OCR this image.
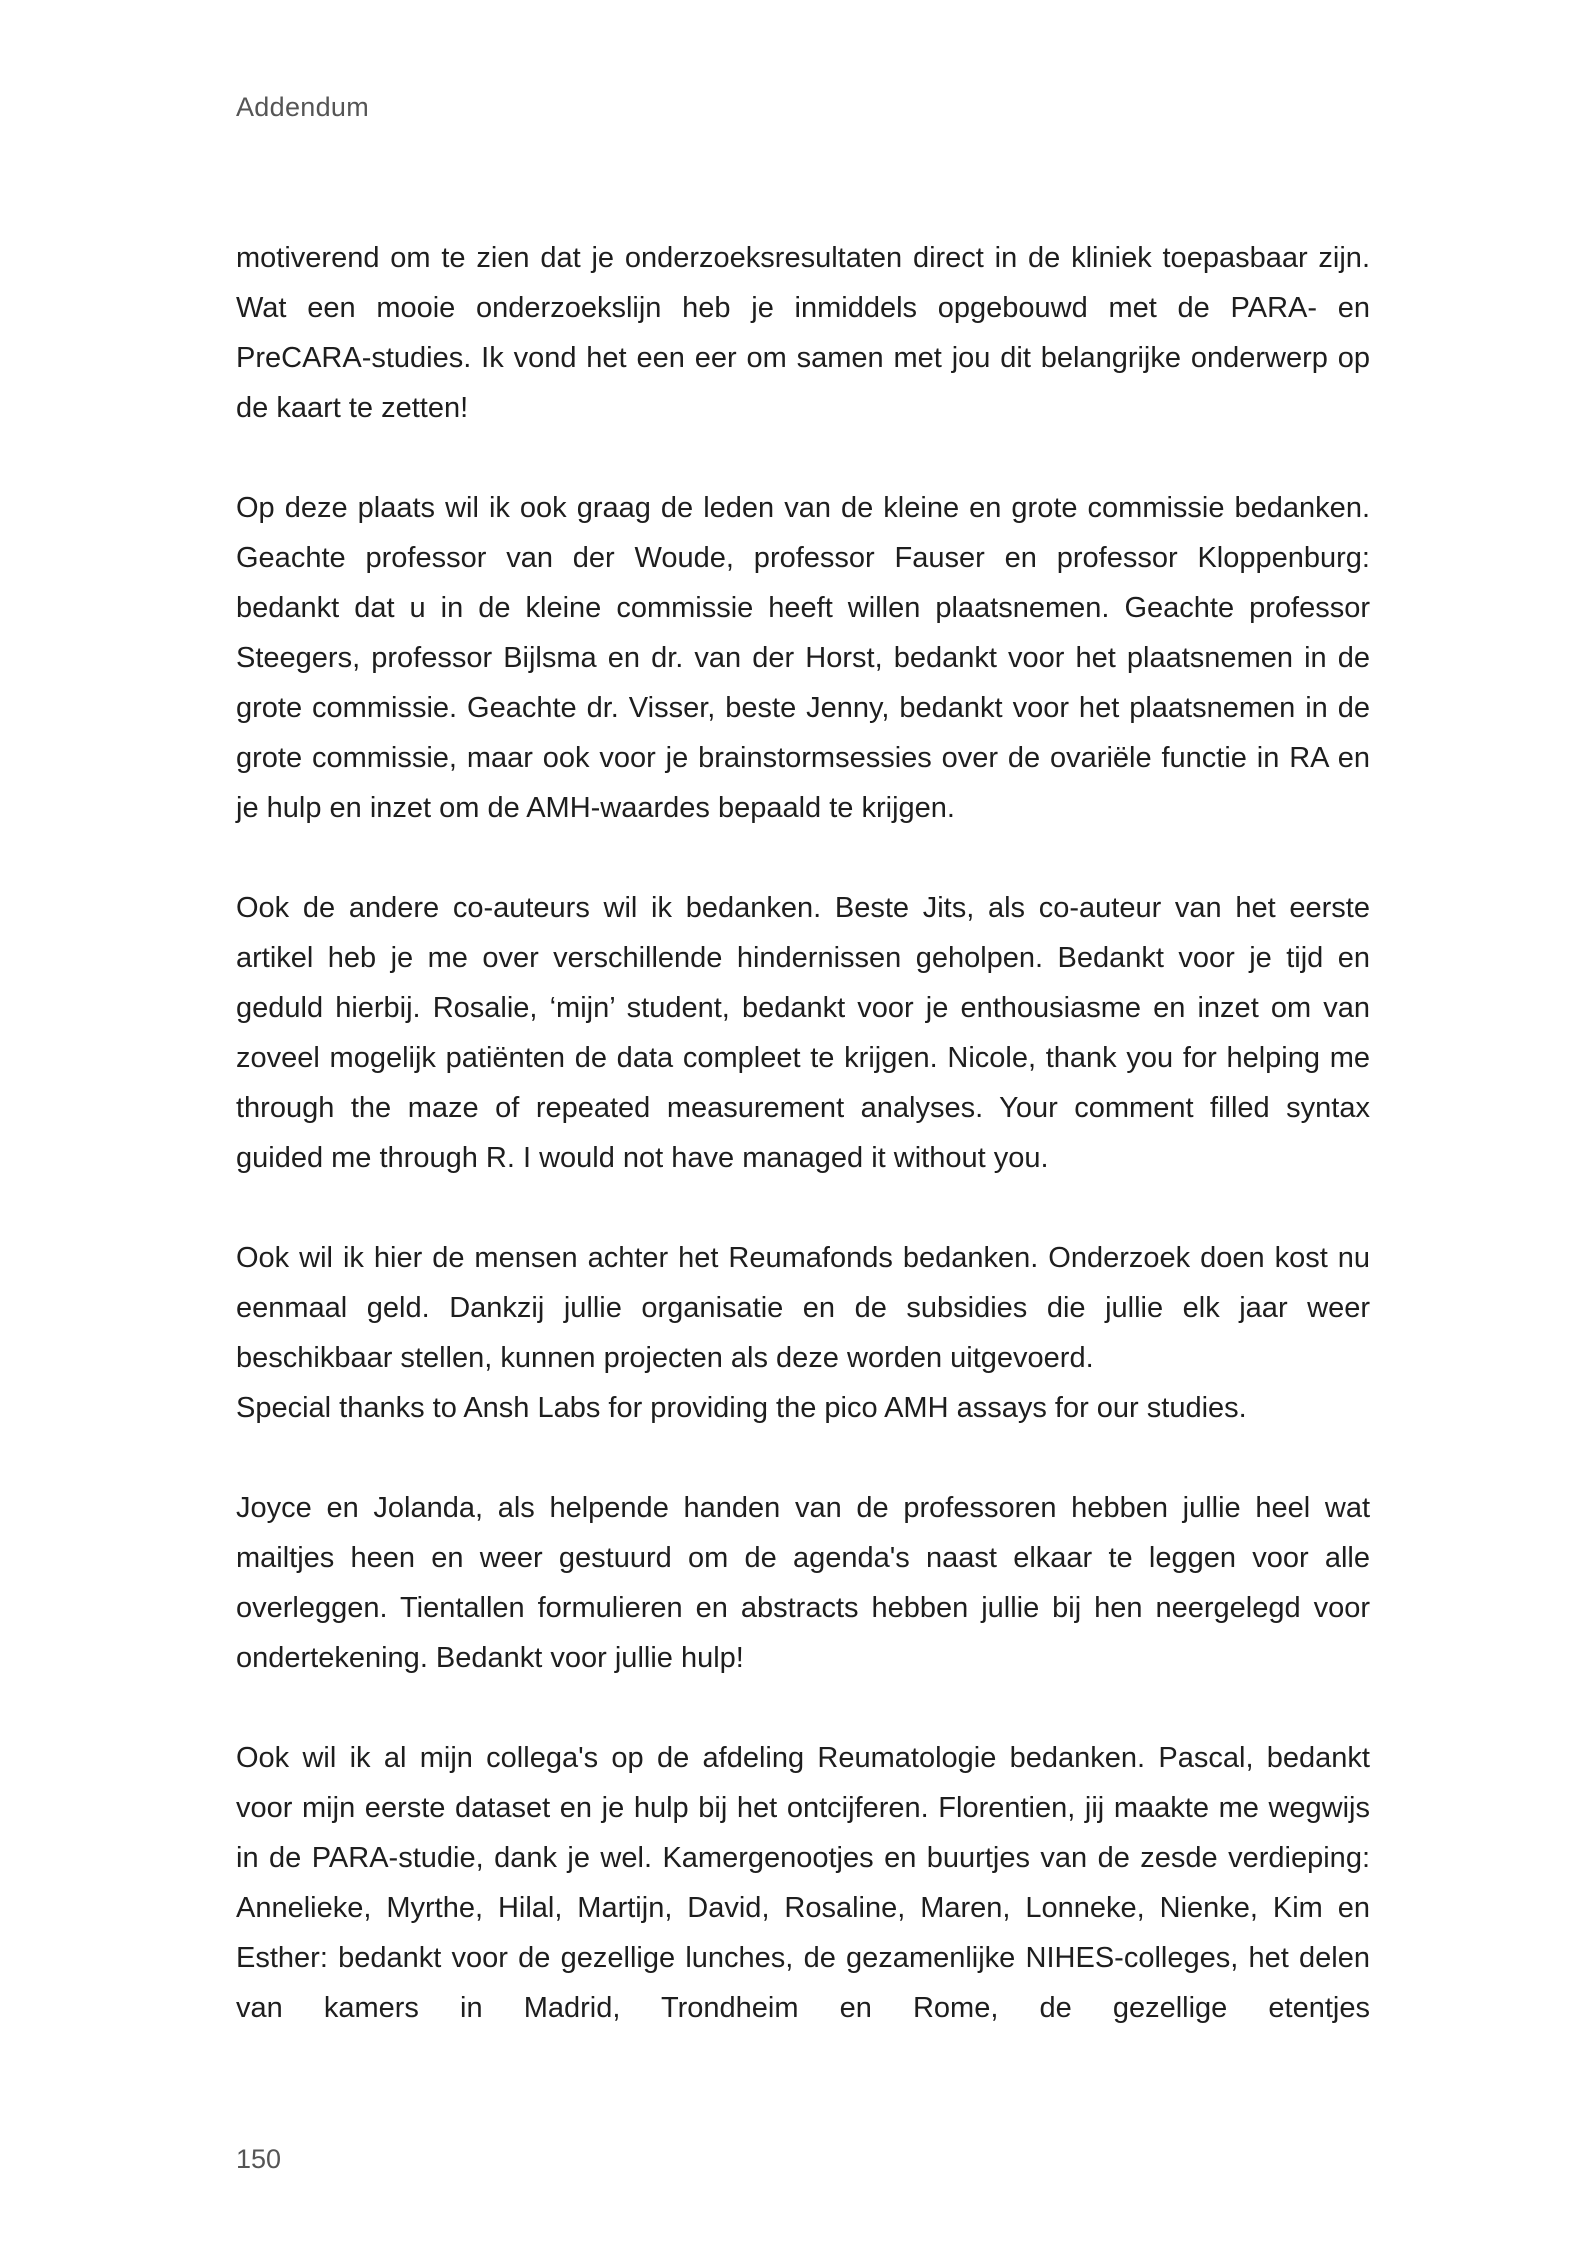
Addendum

motiverend om te zien dat je onderzoeksresultaten direct in de kliniek toepasbaar zijn. Wat een mooie onderzoekslijn heb je inmiddels opgebouwd met de PARA- en PreCARA-studies. Ik vond het een eer om samen met jou dit belangrijke onderwerp op de kaart te zetten!

Op deze plaats wil ik ook graag de leden van de kleine en grote commissie bedanken. Geachte professor van der Woude, professor Fauser en professor Kloppenburg: bedankt dat u in de kleine commissie heeft willen plaatsnemen. Geachte professor Steegers, professor Bijlsma en dr. van der Horst, bedankt voor het plaatsnemen in de grote commissie. Geachte dr. Visser, beste Jenny, bedankt voor het plaatsnemen in de grote commissie, maar ook voor je brainstormsessies over de ovariële functie in RA en je hulp en inzet om de AMH-waardes bepaald te krijgen.

Ook de andere co-auteurs wil ik bedanken. Beste Jits, als co-auteur van het eerste artikel heb je me over verschillende hindernissen geholpen. Bedankt voor je tijd en geduld hierbij. Rosalie, ‘mijn’ student, bedankt voor je enthousiasme en inzet om van zoveel mogelijk patiënten de data compleet te krijgen. Nicole, thank you for helping me through the maze of repeated measurement analyses. Your comment filled syntax guided me through R. I would not have managed it without you.

Ook wil ik hier de mensen achter het Reumafonds bedanken. Onderzoek doen kost nu eenmaal geld. Dankzij jullie organisatie en de subsidies die jullie elk jaar weer beschikbaar stellen, kunnen projecten als deze worden uitgevoerd.
Special thanks to Ansh Labs for providing the pico AMH assays for our studies.

Joyce en Jolanda, als helpende handen van de professoren hebben jullie heel wat mailtjes heen en weer gestuurd om de agenda's naast elkaar te leggen voor alle overleggen. Tientallen formulieren en abstracts hebben jullie bij hen neergelegd voor ondertekening. Bedankt voor jullie hulp!

Ook wil ik al mijn collega's op de afdeling Reumatologie bedanken. Pascal, bedankt voor mijn eerste dataset en je hulp bij het ontcijferen. Florentien, jij maakte me wegwijs in de PARA-studie, dank je wel. Kamergenootjes en buurtjes van de zesde verdieping: Annelieke, Myrthe, Hilal, Martijn, David, Rosaline, Maren, Lonneke, Nienke, Kim en Esther: bedankt voor de gezellige lunches, de gezamenlijke NIHES-colleges, het delen van kamers in Madrid, Trondheim en Rome, de gezellige etentjes

150
